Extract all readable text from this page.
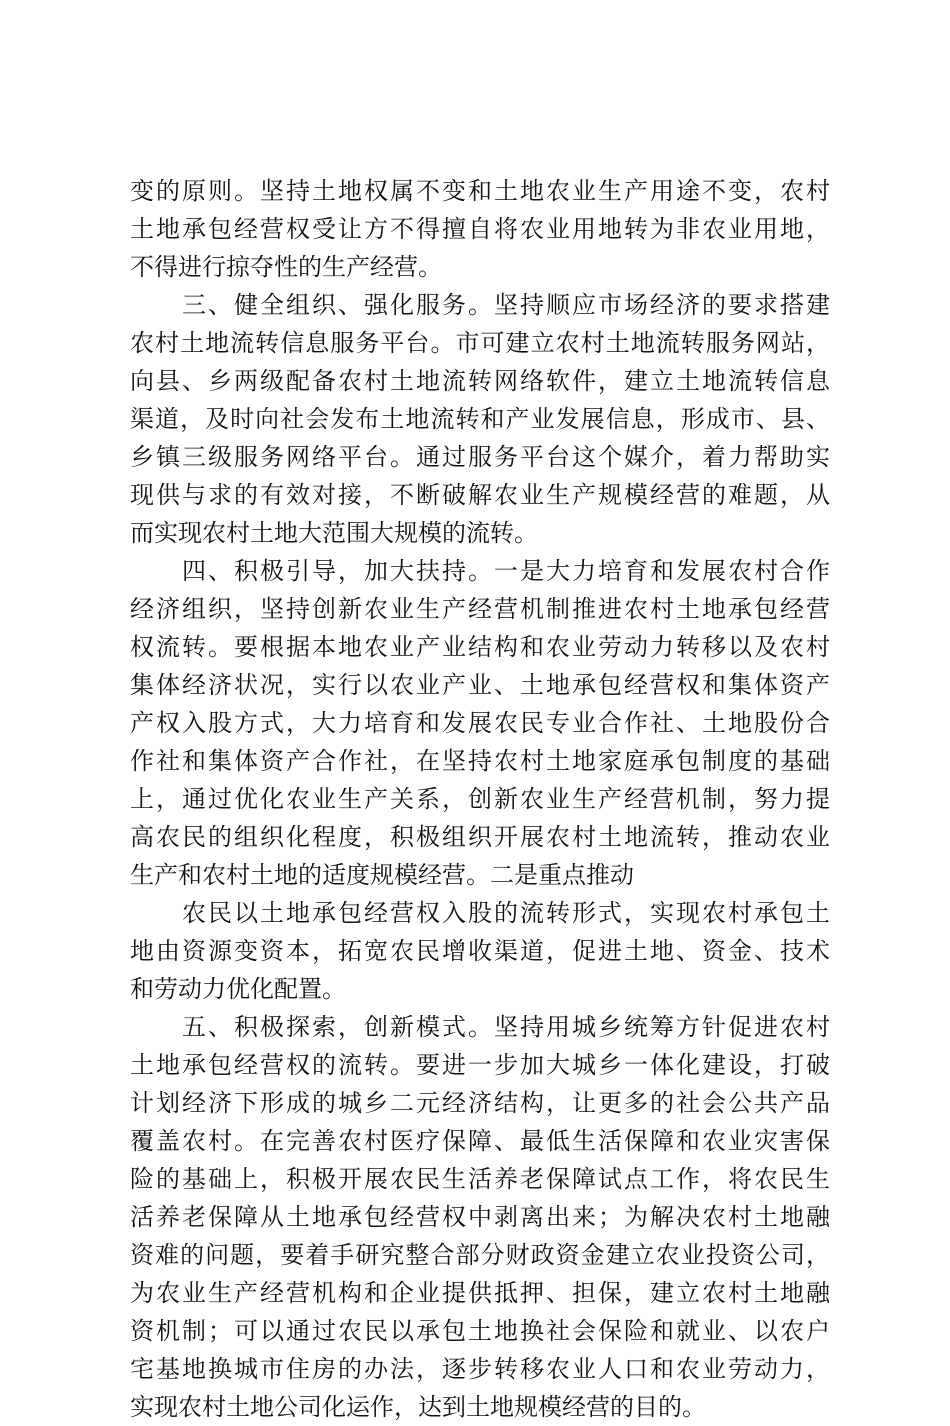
变的原则。坚持土地权属不变和土地农业生产用途不变，农村
土地承包经营权受让方不得擅自将农业用地转为非农业用地，
不得进行掠夺性的生产经营。
三、健全组织、强化服务。坚持顺应市场经济的要求搭建
农村土地流转信息服务平台。市可建立农村土地流转服务网站，
向县、乡两级配备农村土地流转网络软件，建立土地流转信息
渠道，及时向社会发布土地流转和产业发展信息，形成市、县、
乡镇三级服务网络平台。通过服务平台这个媒介，着力帮助实
现供与求的有效对接，不断破解农业生产规模经营的难题，从
而实现农村土地大范围大规模的流转。
四、积极引导，加大扶持。一是大力培育和发展农村合作
经济组织，坚持创新农业生产经营机制推进农村土地承包经营
权流转。要根据本地农业产业结构和农业劳动力转移以及农村
集体经济状况，实行以农业产业、土地承包经营权和集体资产
产权入股方式，大力培育和发展农民专业合作社、土地股份合
作社和集体资产合作社，在坚持农村土地家庭承包制度的基础
上，通过优化农业生产关系，创新农业生产经营机制，努力提
高农民的组织化程度，积极组织开展农村土地流转，推动农业
生产和农村土地的适度规模经营。二是重点推动
农民以土地承包经营权入股的流转形式，实现农村承包土
地由资源变资本，拓宽农民增收渠道，促进土地、资金、技术
和劳动力优化配置。
五、积极探索，创新模式。坚持用城乡统筹方针促进农村
土地承包经营权的流转。要进一步加大城乡一体化建设，打破
计划经济下形成的城乡二元经济结构，让更多的社会公共产品
覆盖农村。在完善农村医疗保障、最低生活保障和农业灾害保
险的基础上，积极开展农民生活养老保障试点工作，将农民生
活养老保障从土地承包经营权中剥离出来；为解决农村土地融
资难的问题，要着手研究整合部分财政资金建立农业投资公司，
为农业生产经营机构和企业提供抵押、担保，建立农村土地融
资机制；可以通过农民以承包土地换社会保险和就业、以农户
宅基地换城市住房的办法，逐步转移农业人口和农业劳动力，
实现农村土地公司化运作，达到土地规模经营的目的。
